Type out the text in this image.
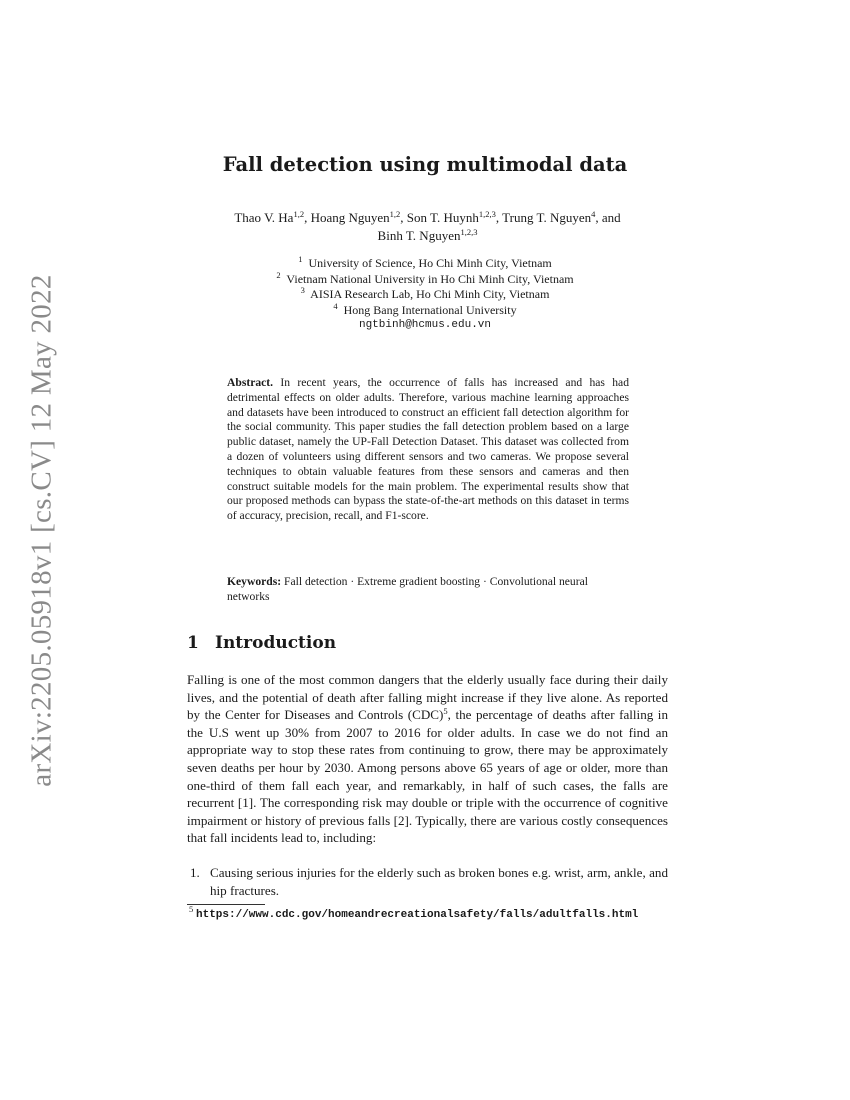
arXiv:2205.05918v1 [cs.CV] 12 May 2022
Fall detection using multimodal data
Thao V. Ha$^{1,2}$, Hoang Nguyen$^{1,2}$, Son T. Huynh$^{1,2,3}$, Trung T. Nguyen$^4$, and
Binh T. Nguyen$^{1,2,3}$
$^1$ University of Science, Ho Chi Minh City, Vietnam
$^2$ Vietnam National University in Ho Chi Minh City, Vietnam
$^3$ AISIA Research Lab, Ho Chi Minh City, Vietnam
$^4$ Hong Bang International University
ngtbinh@hcmus.edu.vn
Abstract. In recent years, the occurrence of falls has increased and has had detrimental effects on older adults. Therefore, various machine learning approaches and datasets have been introduced to construct an efficient fall detection algorithm for the social community. This paper studies the fall detection problem based on a large public dataset, namely the UP-Fall Detection Dataset. This dataset was collected from a dozen of volunteers using different sensors and two cameras. We propose several techniques to obtain valuable features from these sensors and cameras and then construct suitable models for the main problem. The experimental results show that our proposed methods can bypass the state-of-the-art methods on this dataset in terms of accuracy, precision, recall, and F1-score.
Keywords: Fall detection · Extreme gradient boosting · Convolutional neural networks
1 Introduction

Falling is one of the most common dangers that the elderly usually face during their daily lives, and the potential of death after falling might increase if they live alone. As reported by the Center for Diseases and Controls (CDC)$^5$, the percentage of deaths after falling in the U.S went up 30% from 2007 to 2016 for older adults. In case we do not find an appropriate way to stop these rates from continuing to grow, there may be approximately seven deaths per hour by 2030. Among persons above 65 years of age or older, more than one-third of them fall each year, and remarkably, in half of such cases, the falls are recurrent [1]. The corresponding risk may double or triple with the occurrence of cognitive impairment or history of previous falls [2]. Typically, there are various costly consequences that fall incidents lead to, including:

1. Causing serious injuries for the elderly such as broken bones e.g. wrist, arm, ankle, and hip fractures.
$^5$ https://www.cdc.gov/homeandrecreationalsafety/falls/adultfalls.html
